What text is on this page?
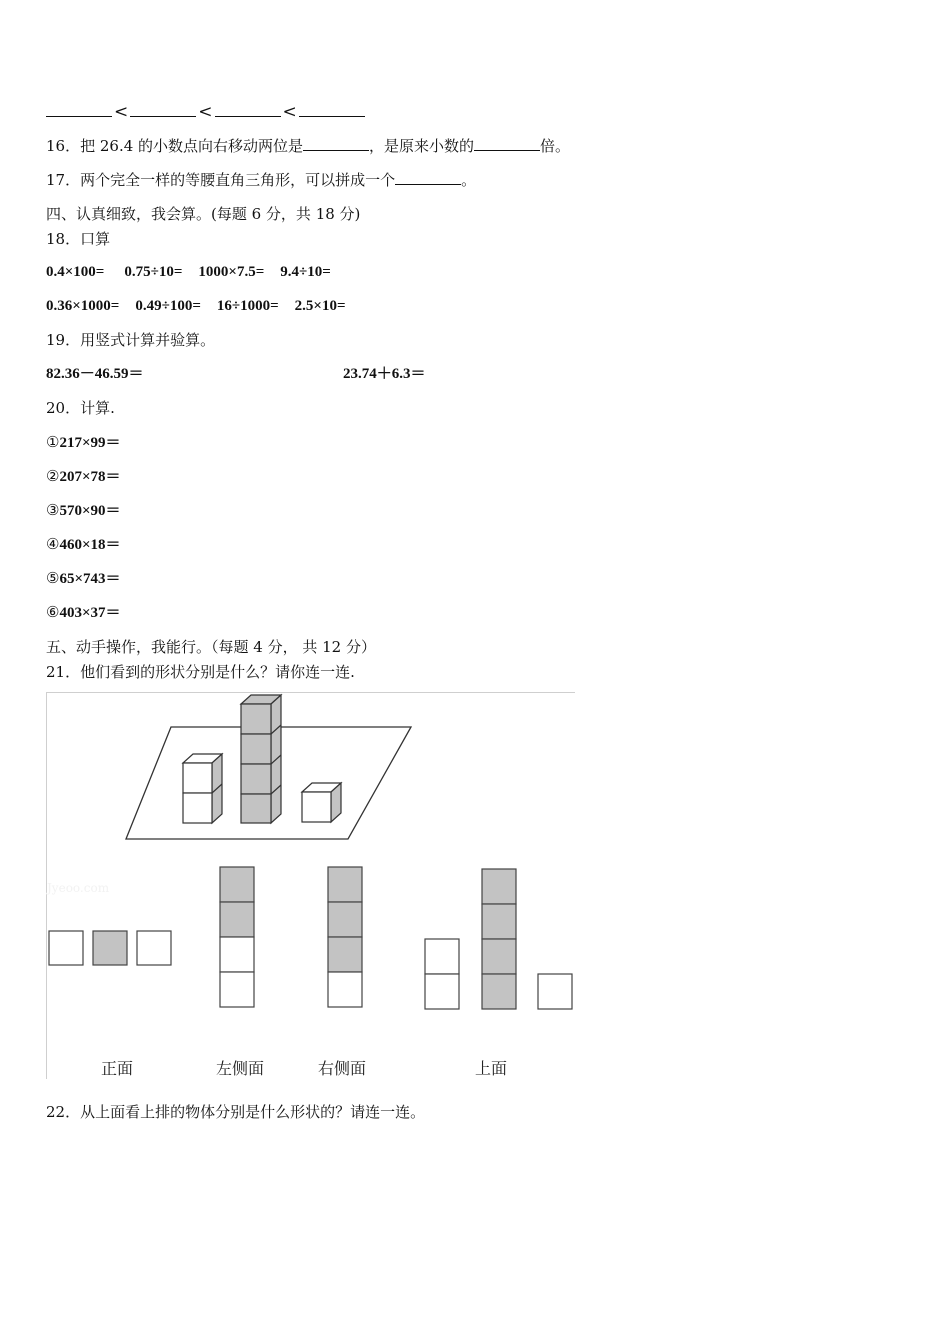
<	<	<
16．把 26.4 的小数点向右移动两位是	，是原来小数的	倍。
17．两个完全一样的等腰直角三角形，可以拼成一个	。
四、认真细致，我会算。(每题 6 分，共 18 分)
18．口算
0.4×100= 0.75÷10= 1000×7.5= 9.4÷10=
0.36×1000= 0.49÷100= 16÷1000= 2.5×10=
19．用竖式计算并验算。
82.36－46.59＝	23.74＋6.3＝
20．计算.
①217×99＝
②207×78＝
③570×90＝
④460×18＝
⑤65×743＝
⑥403×37＝
五、动手操作，我能行。（每题 4 分， 共 12 分）
21．他们看到的形状分别是什么？请你连一连.
Jyeoo.com
正面	左侧面	右侧面	上面
22．从上面看上排的物体分别是什么形状的？请连一连。
